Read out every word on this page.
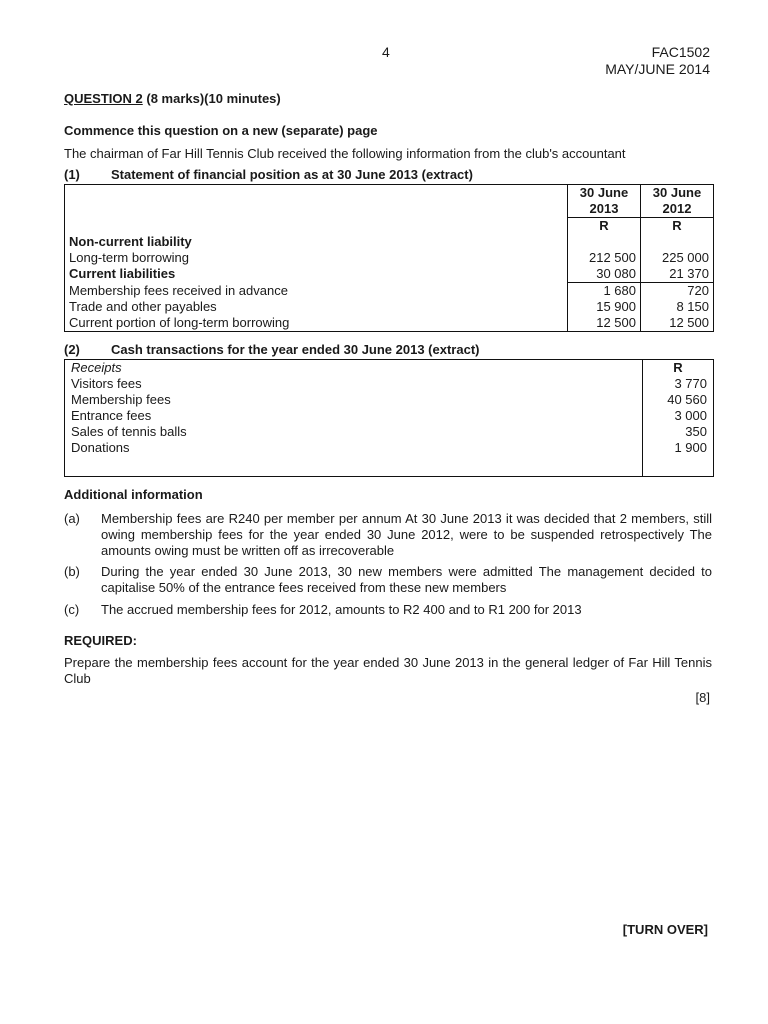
4	FAC1502
MAY/JUNE 2014
QUESTION 2 (8 marks)(10 minutes)
Commence this question on a new (separate) page
The chairman of Far Hill Tennis Club received the following information from the club's accountant
(1) Statement of financial position as at 30 June 2013 (extract)
	30 June	30 June
	2013	2012
	R	R
Non-current liability		
Long-term borrowing	212 500	225 000
Current liabilities	30 080	21 370
Membership fees received in advance	1 680	720
Trade and other payables	15 900	8 150
Current portion of long-term borrowing	12 500	12 500
(2) Cash transactions for the year ended 30 June 2013 (extract)
Receipts	R
Visitors fees	3 770
Membership fees	40 560
Entrance fees	3 000
Sales of tennis balls	350
Donations	1 900

Additional information
(a) Membership fees are R240 per member per annum At 30 June 2013 it was decided that 2 members, still owing membership fees for the year ended 30 June 2012, were to be suspended retrospectively The amounts owing must be written off as irrecoverable
(b) During the year ended 30 June 2013, 30 new members were admitted The management decided to capitalise 50% of the entrance fees received from these new members
(c) The accrued membership fees for 2012, amounts to R2 400 and to R1 200 for 2013
REQUIRED:
Prepare the membership fees account for the year ended 30 June 2013 in the general ledger of Far Hill Tennis Club
[8]
[TURN OVER]
